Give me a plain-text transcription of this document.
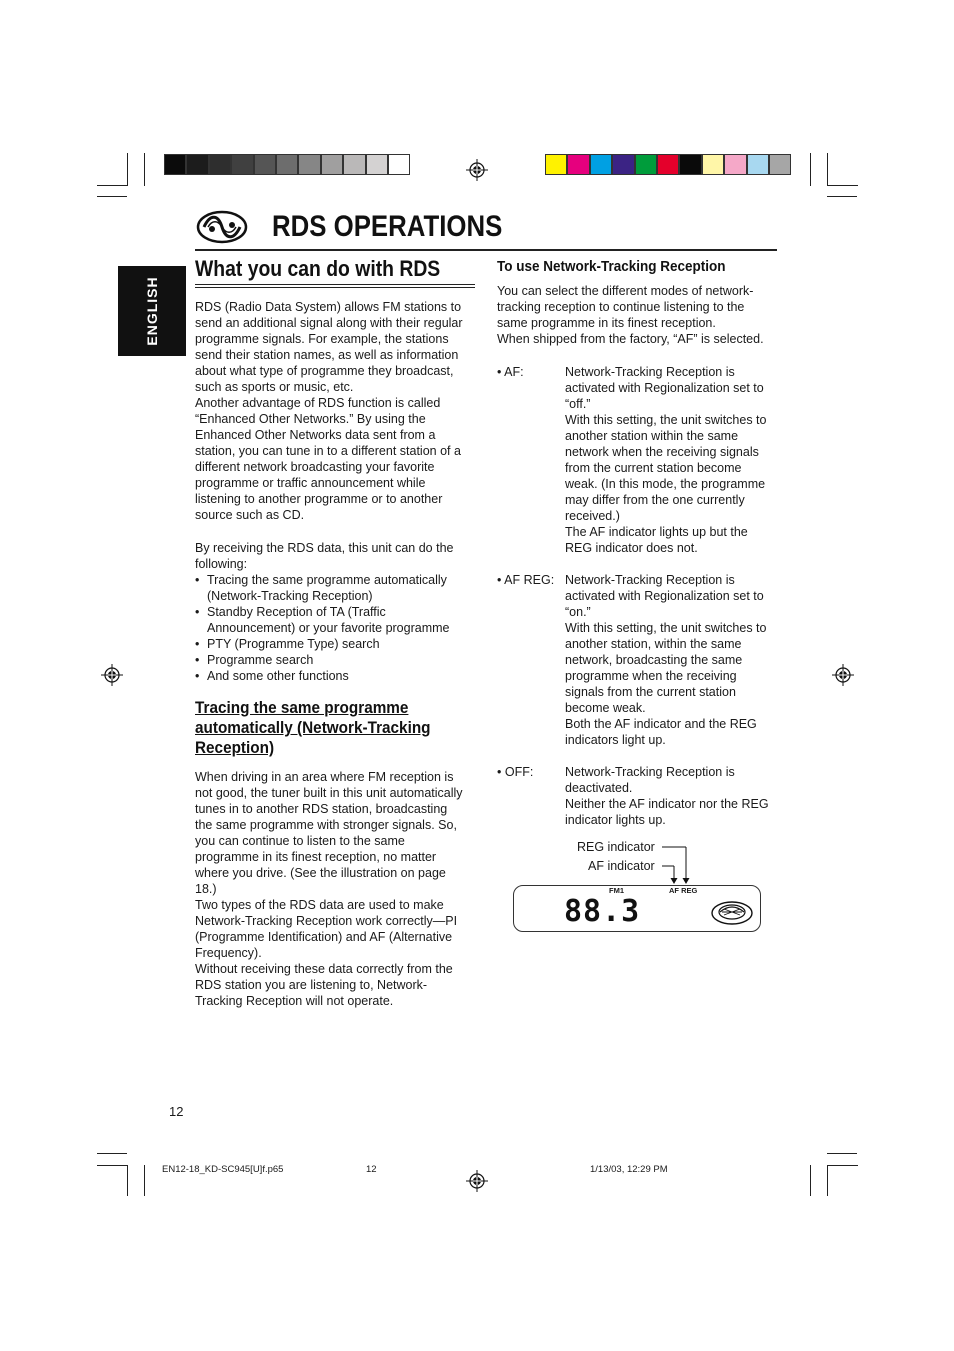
RDS OPERATIONS
ENGLISH
What you can do with RDS
RDS (Radio Data System) allows FM stations to
send an additional signal along with their regular
programme signals. For example, the stations
send their station names, as well as information
about what type of programme they broadcast,
such as sports or music, etc.
Another advantage of RDS function is called
“Enhanced Other Networks.” By using the
Enhanced Other Networks data sent from a
station, you can tune in to a different station of a
different network broadcasting your favorite
programme or traffic announcement while
listening to another programme or to another
source such as CD.
By receiving the RDS data, this unit can do the
following:
• Tracing the same programme automatically
(Network-Tracking Reception)
• Standby Reception of TA (Traffic
Announcement) or your favorite programme
• PTY (Programme Type) search
• Programme search
• And some other functions
Tracing the same programme
automatically (Network-Tracking
Reception)
When driving in an area where FM reception is
not good, the tuner built in this unit automatically
tunes in to another RDS station, broadcasting
the same programme with stronger signals. So,
you can continue to listen to the same
programme in its finest reception, no matter
where you drive. (See the illustration on page
18.)
Two types of the RDS data are used to make
Network-Tracking Reception work correctly—PI
(Programme Identification) and AF (Alternative
Frequency).
Without receiving these data correctly from the
RDS station you are listening to, Network-
Tracking Reception will not operate.
To use Network-Tracking Reception
You can select the different modes of network-
tracking reception to continue listening to the
same programme in its finest reception.
When shipped from the factory, “AF” is selected.
• AF:	Network-Tracking Reception is
activated with Regionalization set to
“off.”
With this setting, the unit switches to
another station within the same
network when the receiving signals
from the current station become
weak. (In this mode, the programme
may differ from the one currently
received.)
The AF indicator lights up but the
REG indicator does not.
• AF REG: Network-Tracking Reception is
activated with Regionalization set to
“on.”
With this setting, the unit switches to
another station, within the same
network, broadcasting the same
programme when the receiving
signals from the current station
become weak.
Both the AF indicator and the REG
indicators light up.
• OFF:	Network-Tracking Reception is
deactivated.
Neither the AF indicator nor the REG
indicator lights up.
REG indicator
AF indicator
FM1	AF REG
88.3
12
EN12-18_KD-SC945[U]f.p65	12	1/13/03, 12:29 PM
